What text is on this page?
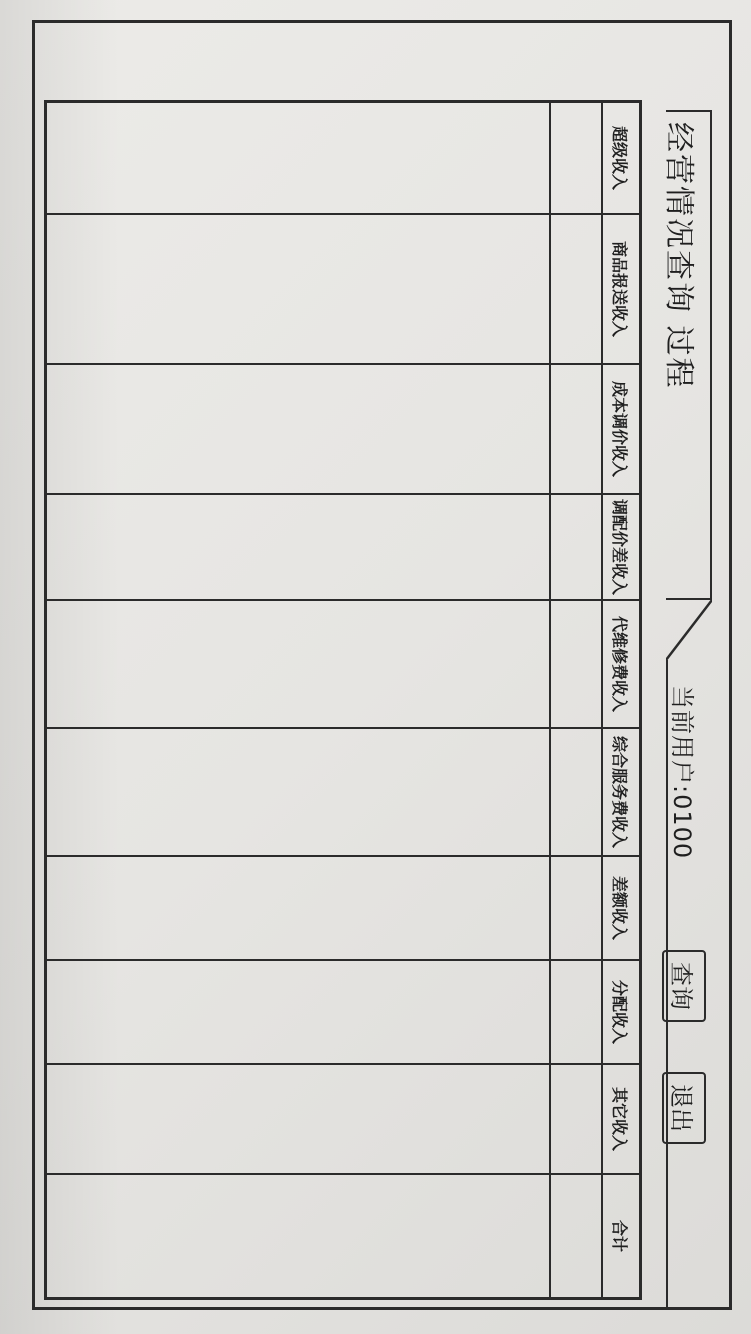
经营情况查询 过程
当前用户:0100
查询
退出
超级收入
商品报送收入
成本调价收入
调配价差收入
代维修费收入
综合服务费收入
差额收入
分配收入
其它收入
合计
